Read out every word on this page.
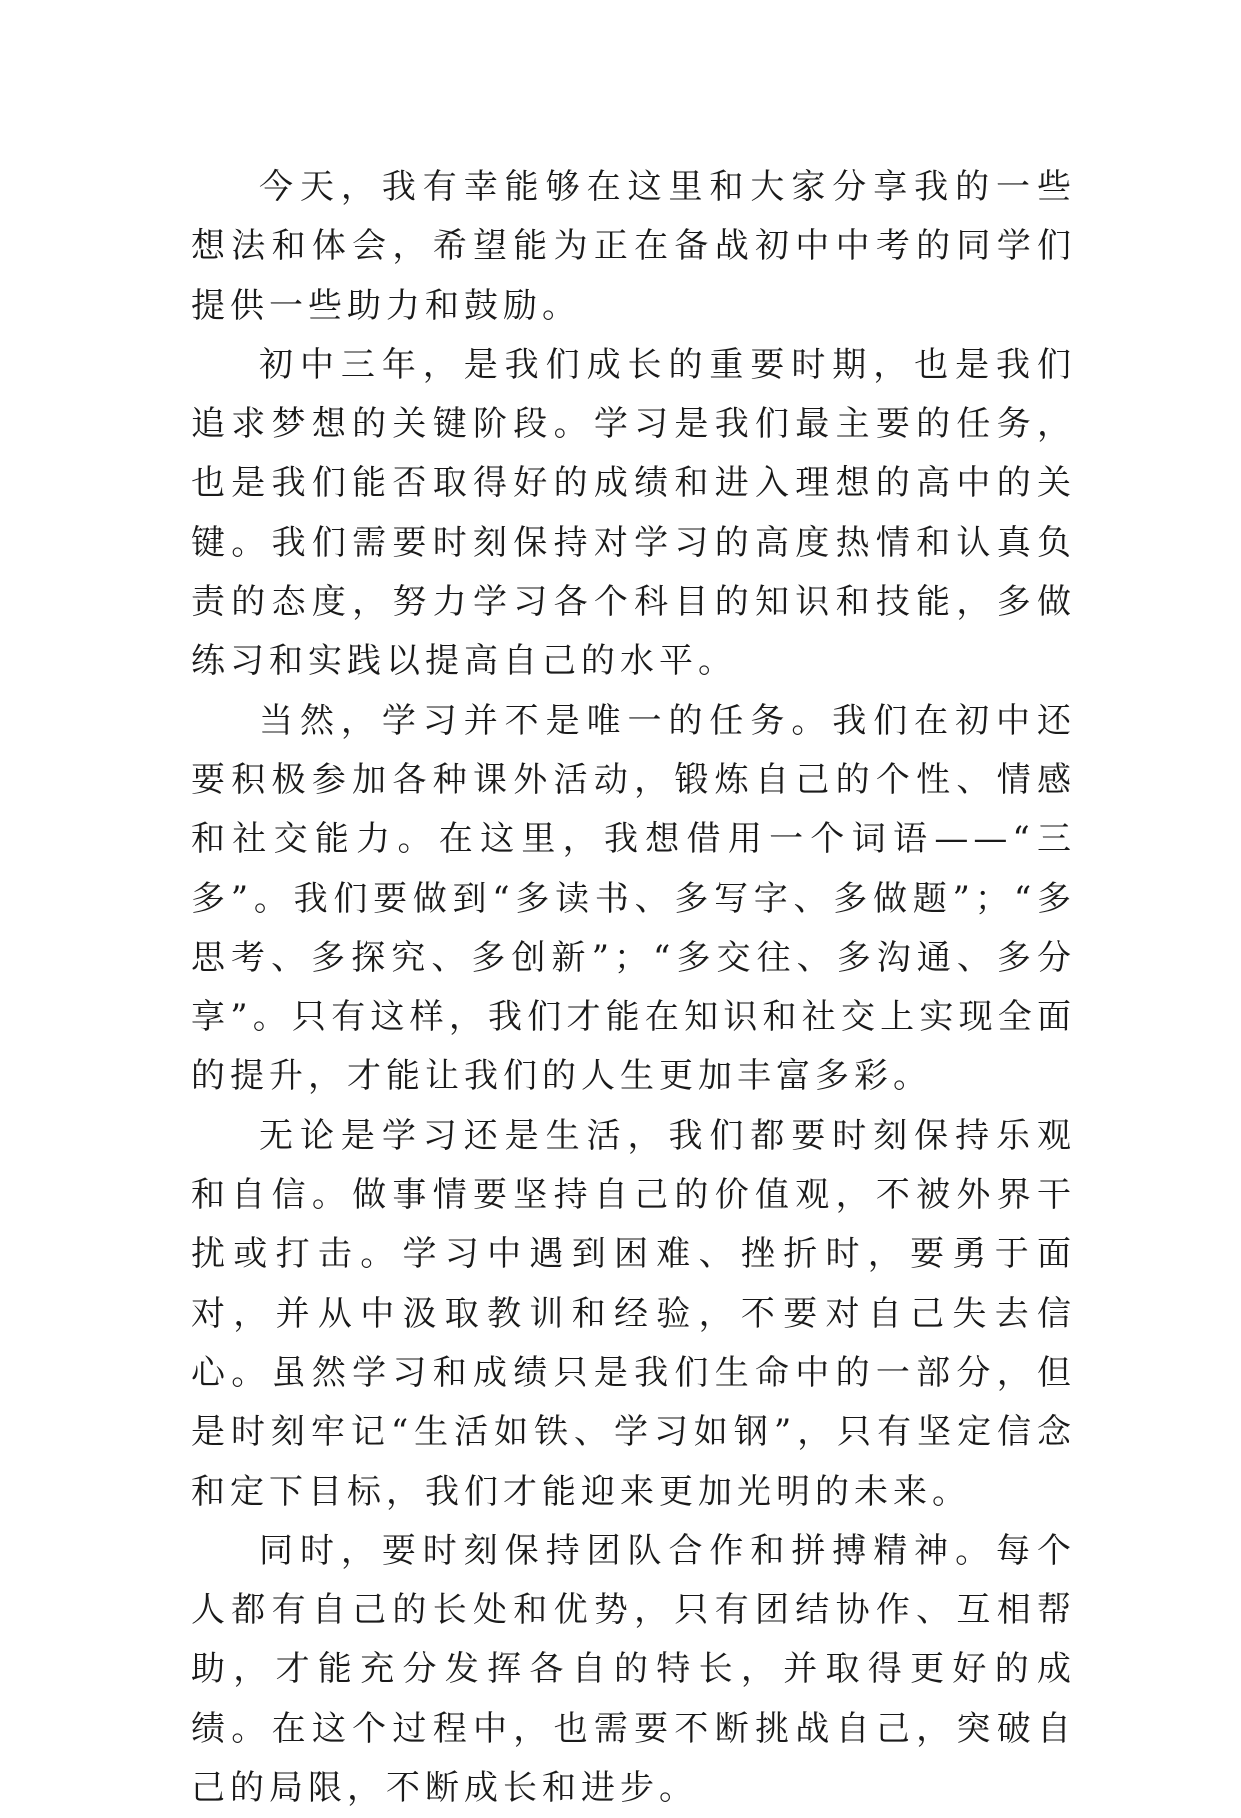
今天，我有幸能够在这里和大家分享我的一些想法和体会，希望能为正在备战初中中考的同学们提供一些助力和鼓励。

初中三年，是我们成长的重要时期，也是我们追求梦想的关键阶段。学习是我们最主要的任务，也是我们能否取得好的成绩和进入理想的高中的关键。我们需要时刻保持对学习的高度热情和认真负责的态度，努力学习各个科目的知识和技能，多做练习和实践以提高自己的水平。

当然，学习并不是唯一的任务。我们在初中还要积极参加各种课外活动，锻炼自己的个性、情感和社交能力。在这里，我想借用一个词语——“三多”。我们要做到“多读书、多写字、多做题”；“多思考、多探究、多创新”；“多交往、多沟通、多分享”。只有这样，我们才能在知识和社交上实现全面的提升，才能让我们的人生更加丰富多彩。

无论是学习还是生活，我们都要时刻保持乐观和自信。做事情要坚持自己的价值观，不被外界干扰或打击。学习中遇到困难、挫折时，要勇于面对，并从中汲取教训和经验，不要对自己失去信心。虽然学习和成绩只是我们生命中的一部分，但是时刻牢记“生活如铁、学习如钢”，只有坚定信念和定下目标，我们才能迎来更加光明的未来。

同时，要时刻保持团队合作和拼搏精神。每个人都有自己的长处和优势，只有团结协作、互相帮助，才能充分发挥各自的特长，并取得更好的成绩。在这个过程中，也需要不断挑战自己，突破自己的局限，不断成长和进步。
